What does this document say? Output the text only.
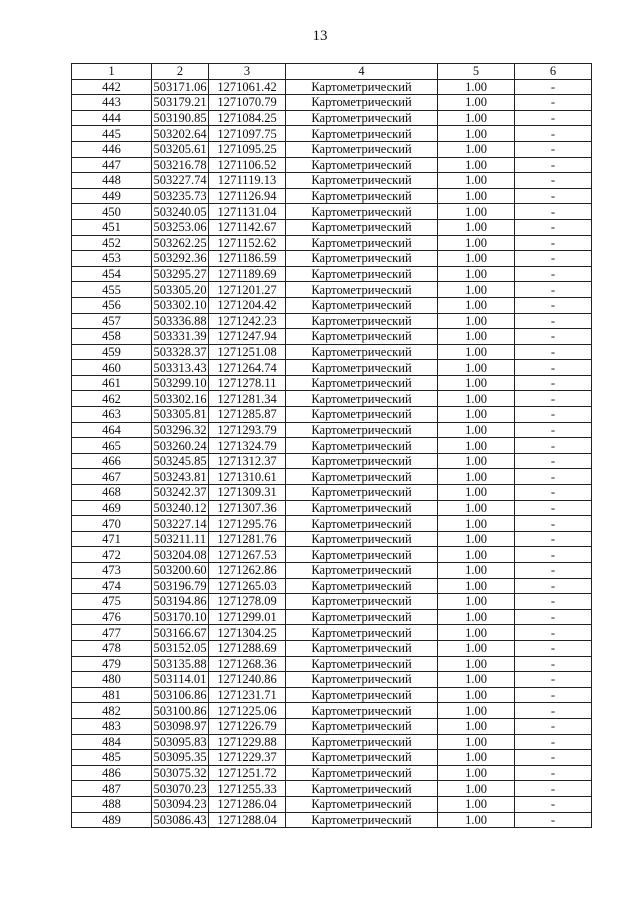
13
1	2	3	4	5	6
442	503171.06	1271061.42	Картометрический	1.00	-
443	503179.21	1271070.79	Картометрический	1.00	-
444	503190.85	1271084.25	Картометрический	1.00	-
445	503202.64	1271097.75	Картометрический	1.00	-
446	503205.61	1271095.25	Картометрический	1.00	-
447	503216.78	1271106.52	Картометрический	1.00	-
448	503227.74	1271119.13	Картометрический	1.00	-
449	503235.73	1271126.94	Картометрический	1.00	-
450	503240.05	1271131.04	Картометрический	1.00	-
451	503253.06	1271142.67	Картометрический	1.00	-
452	503262.25	1271152.62	Картометрический	1.00	-
453	503292.36	1271186.59	Картометрический	1.00	-
454	503295.27	1271189.69	Картометрический	1.00	-
455	503305.20	1271201.27	Картометрический	1.00	-
456	503302.10	1271204.42	Картометрический	1.00	-
457	503336.88	1271242.23	Картометрический	1.00	-
458	503331.39	1271247.94	Картометрический	1.00	-
459	503328.37	1271251.08	Картометрический	1.00	-
460	503313.43	1271264.74	Картометрический	1.00	-
461	503299.10	1271278.11	Картометрический	1.00	-
462	503302.16	1271281.34	Картометрический	1.00	-
463	503305.81	1271285.87	Картометрический	1.00	-
464	503296.32	1271293.79	Картометрический	1.00	-
465	503260.24	1271324.79	Картометрический	1.00	-
466	503245.85	1271312.37	Картометрический	1.00	-
467	503243.81	1271310.61	Картометрический	1.00	-
468	503242.37	1271309.31	Картометрический	1.00	-
469	503240.12	1271307.36	Картометрический	1.00	-
470	503227.14	1271295.76	Картометрический	1.00	-
471	503211.11	1271281.76	Картометрический	1.00	-
472	503204.08	1271267.53	Картометрический	1.00	-
473	503200.60	1271262.86	Картометрический	1.00	-
474	503196.79	1271265.03	Картометрический	1.00	-
475	503194.86	1271278.09	Картометрический	1.00	-
476	503170.10	1271299.01	Картометрический	1.00	-
477	503166.67	1271304.25	Картометрический	1.00	-
478	503152.05	1271288.69	Картометрический	1.00	-
479	503135.88	1271268.36	Картометрический	1.00	-
480	503114.01	1271240.86	Картометрический	1.00	-
481	503106.86	1271231.71	Картометрический	1.00	-
482	503100.86	1271225.06	Картометрический	1.00	-
483	503098.97	1271226.79	Картометрический	1.00	-
484	503095.83	1271229.88	Картометрический	1.00	-
485	503095.35	1271229.37	Картометрический	1.00	-
486	503075.32	1271251.72	Картометрический	1.00	-
487	503070.23	1271255.33	Картометрический	1.00	-
488	503094.23	1271286.04	Картометрический	1.00	-
489	503086.43	1271288.04	Картометрический	1.00	-
